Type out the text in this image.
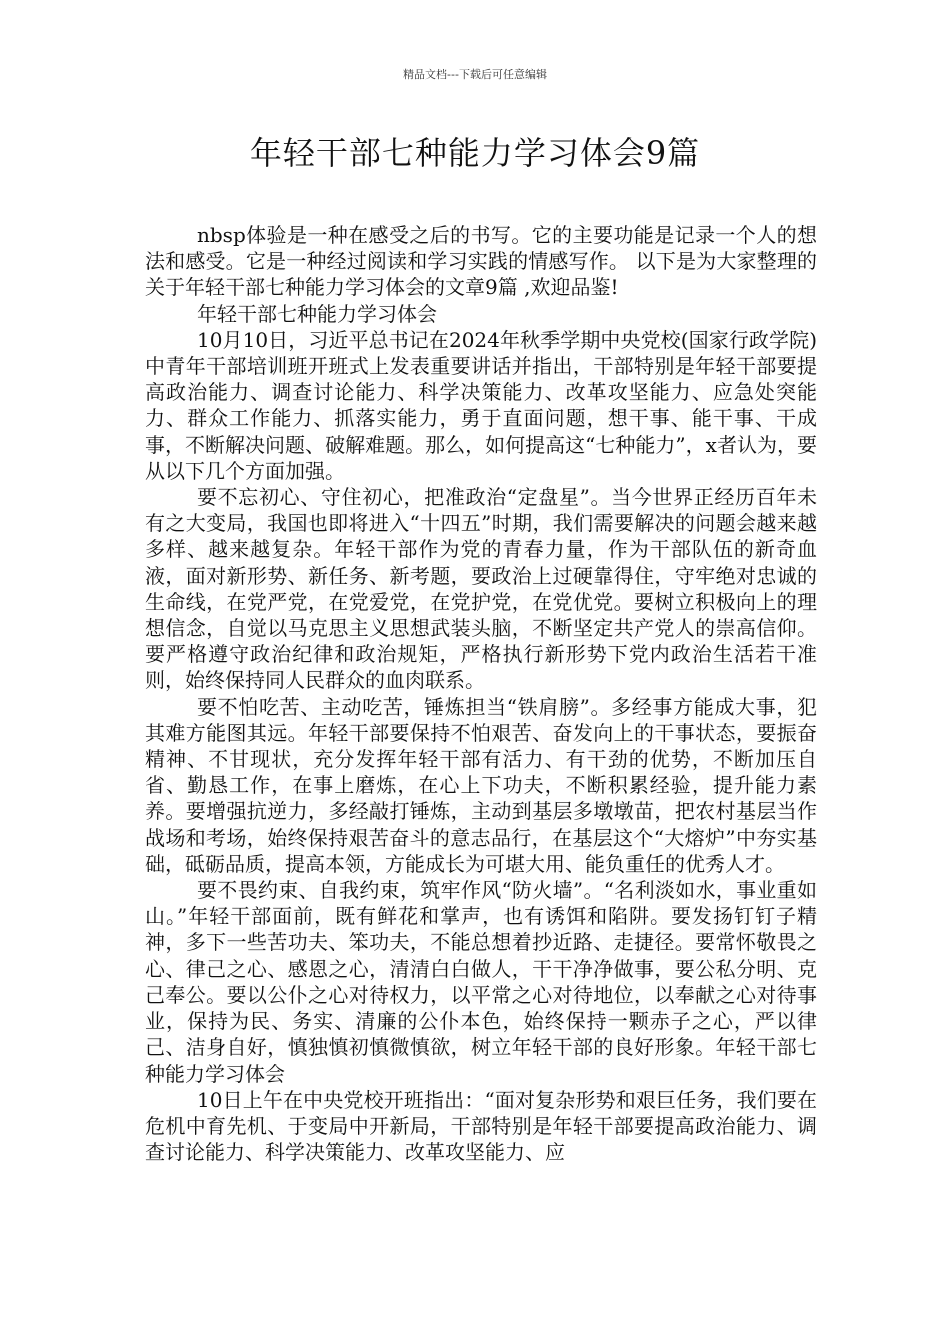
精品文档---下载后可任意编辑
年轻干部七种能力学习体会9篇

nbsp体验是一种在感受之后的书写。它的主要功能是记录一个人的想法和感受。它是一种经过阅读和学习实践的情感写作。 以下是为大家整理的关于年轻干部七种能力学习体会的文章9篇 ,欢迎品鉴!

年轻干部七种能力学习体会

10月10日，习近平总书记在2024年秋季学期中央党校(国家行政学院)中青年干部培训班开班式上发表重要讲话并指出，干部特别是年轻干部要提高政治能力、调查讨论能力、科学决策能力、改革攻坚能力、应急处突能力、群众工作能力、抓落实能力，勇于直面问题，想干事、能干事、干成事，不断解决问题、破解难题。那么，如何提高这“七种能力”，x者认为，要从以下几个方面加强。

要不忘初心、守住初心，把准政治“定盘星”。当今世界正经历百年未有之大变局，我国也即将进入“十四五”时期，我们需要解决的问题会越来越多样、越来越复杂。年轻干部作为党的青春力量，作为干部队伍的新奇血液，面对新形势、新任务、新考题，要政治上过硬靠得住，守牢绝对忠诚的生命线，在党严党，在党爱党，在党护党，在党优党。要树立积极向上的理想信念，自觉以马克思主义思想武装头脑，不断坚定共产党人的崇高信仰。要严格遵守政治纪律和政治规矩，严格执行新形势下党内政治生活若干准则，始终保持同人民群众的血肉联系。

要不怕吃苦、主动吃苦，锤炼担当“铁肩膀”。多经事方能成大事，犯其难方能图其远。年轻干部要保持不怕艰苦、奋发向上的干事状态，要振奋精神、不甘现状，充分发挥年轻干部有活力、有干劲的优势，不断加压自省、勤恳工作，在事上磨炼，在心上下功夫，不断积累经验，提升能力素养。要增强抗逆力，多经敲打锤炼，主动到基层多墩墩苗，把农村基层当作战场和考场，始终保持艰苦奋斗的意志品行，在基层这个“大熔炉”中夯实基础，砥砺品质，提高本领，方能成长为可堪大用、能负重任的优秀人才。

要不畏约束、自我约束，筑牢作风“防火墙”。“名利淡如水，事业重如山。”年轻干部面前，既有鲜花和掌声，也有诱饵和陷阱。要发扬钉钉子精神，多下一些苦功夫、笨功夫，不能总想着抄近路、走捷径。要常怀敬畏之心、律己之心、感恩之心，清清白白做人，干干净净做事，要公私分明、克己奉公。要以公仆之心对待权力，以平常之心对待地位，以奉献之心对待事业，保持为民、务实、清廉的公仆本色，始终保持一颗赤子之心，严以律己、洁身自好，慎独慎初慎微慎欲，树立年轻干部的良好形象。年轻干部七种能力学习体会

10日上午在中央党校开班指出：“面对复杂形势和艰巨任务，我们要在危机中育先机、于变局中开新局，干部特别是年轻干部要提高政治能力、调查讨论能力、科学决策能力、改革攻坚能力、应
